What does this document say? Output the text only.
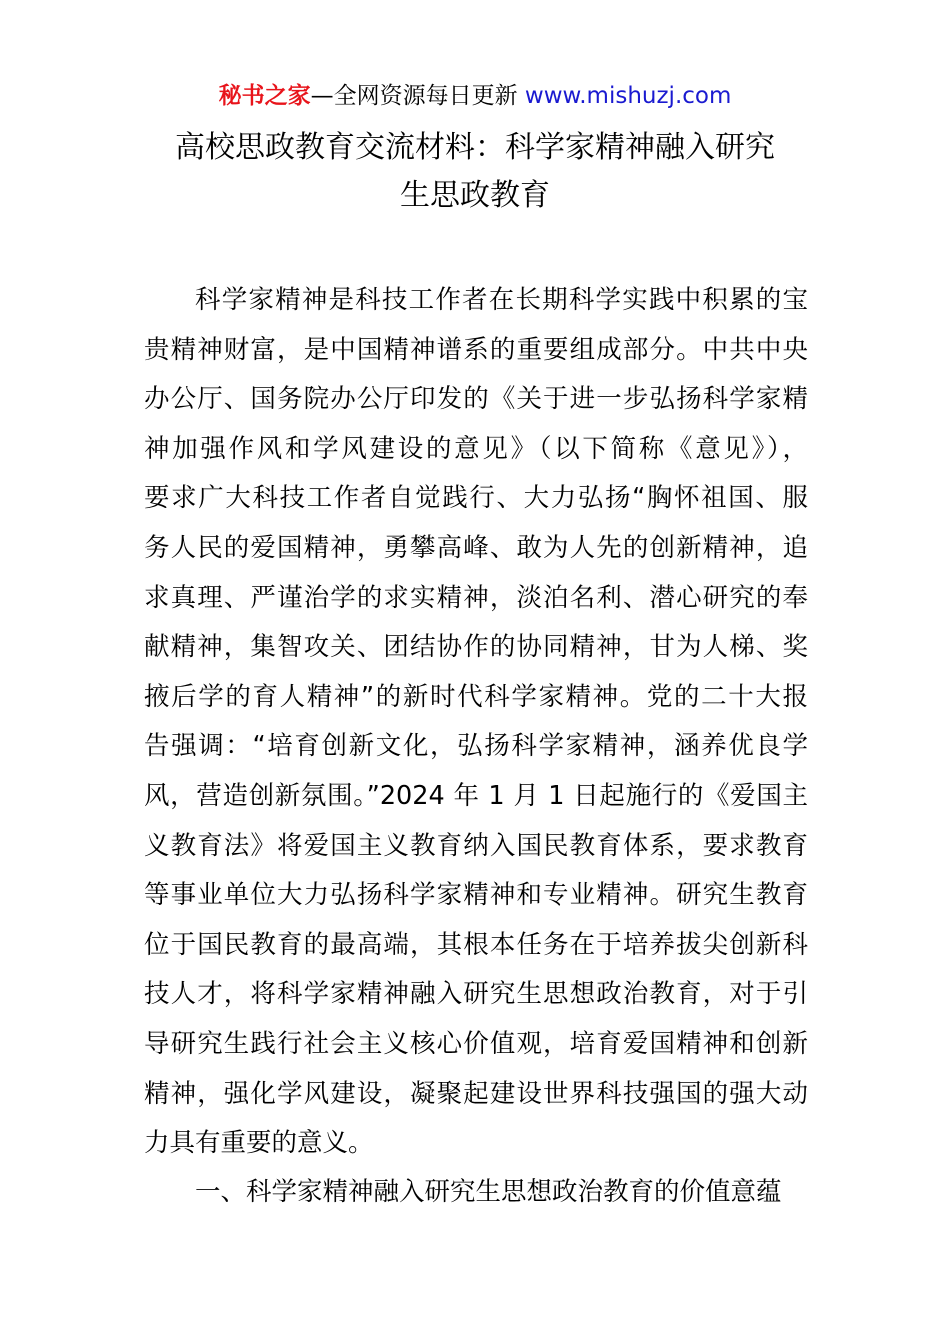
秘书之家—全网资源每日更新 www.mishuzj.com
高校思政教育交流材料：科学家精神融入研究
生思政教育
科学家精神是科技工作者在长期科学实践中积累的宝
贵精神财富，是中国精神谱系的重要组成部分。中共中央
办公厅、国务院办公厅印发的《关于进一步弘扬科学家精
神加强作风和学风建设的意见》（以下简称《意见》），
要求广大科技工作者自觉践行、大力弘扬“胸怀祖国、服
务人民的爱国精神，勇攀高峰、敢为人先的创新精神，追
求真理、严谨治学的求实精神，淡泊名利、潜心研究的奉
献精神，集智攻关、团结协作的协同精神，甘为人梯、奖
掖后学的育人精神”的新时代科学家精神。党的二十大报
告强调：“培育创新文化，弘扬科学家精神，涵养优良学
风，营造创新氛围。”2024 年 1 月 1 日起施行的《爱国主
义教育法》将爱国主义教育纳入国民教育体系，要求教育
等事业单位大力弘扬科学家精神和专业精神。研究生教育
位于国民教育的最高端，其根本任务在于培养拔尖创新科
技人才，将科学家精神融入研究生思想政治教育，对于引
导研究生践行社会主义核心价值观，培育爱国精神和创新
精神，强化学风建设，凝聚起建设世界科技强国的强大动
力具有重要的意义。
一、科学家精神融入研究生思想政治教育的价值意蕴
